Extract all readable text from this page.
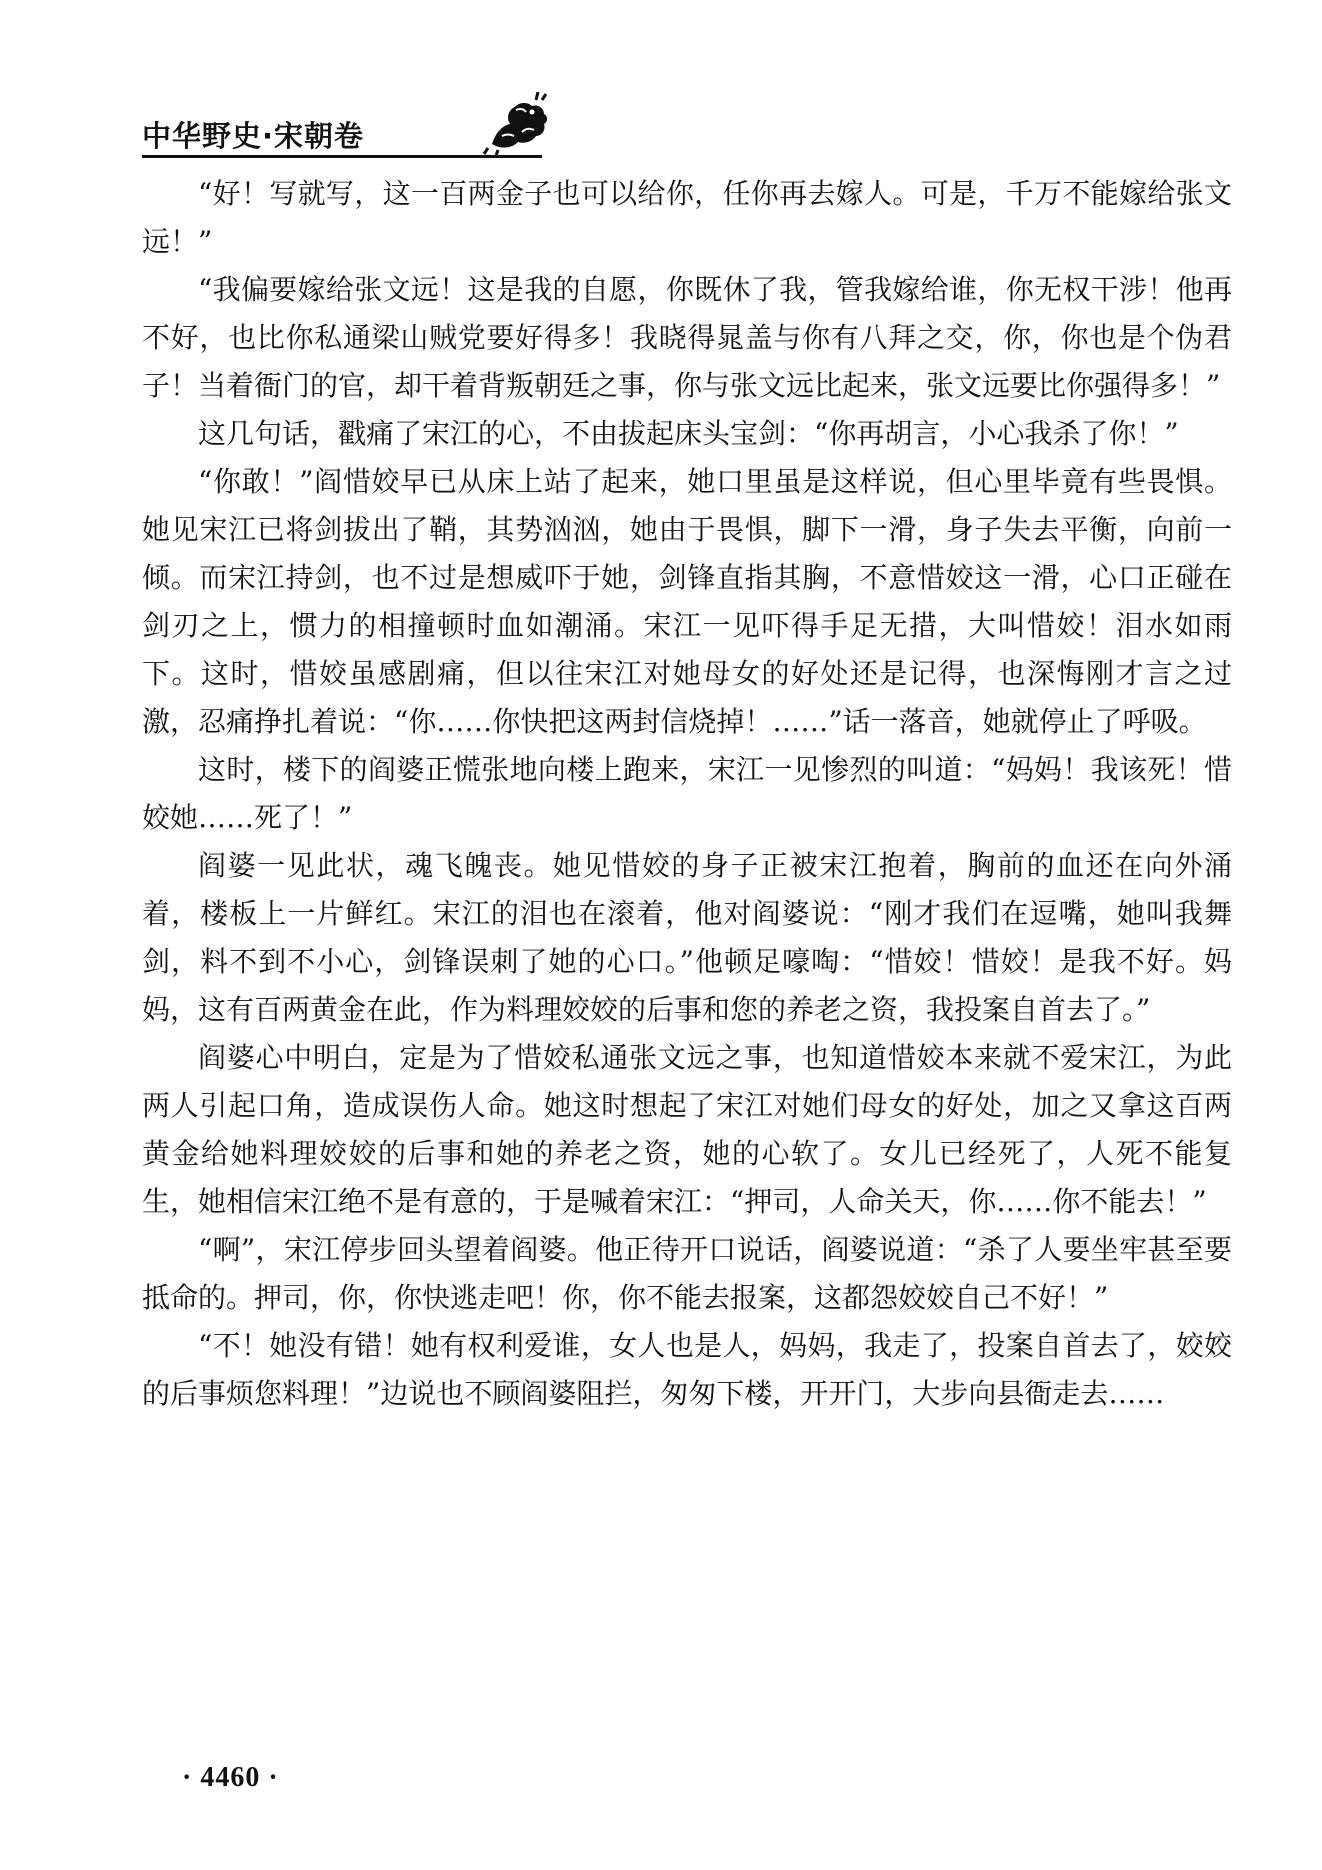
中华野史·宋朝卷

“好！写就写，这一百两金子也可以给你，任你再去嫁人。可是，千万不能嫁给张文远！”

“我偏要嫁给张文远！这是我的自愿，你既休了我，管我嫁给谁，你无权干涉！他再不好，也比你私通梁山贼党要好得多！我晓得晁盖与你有八拜之交，你，你也是个伪君子！当着衙门的官，却干着背叛朝廷之事，你与张文远比起来，张文远要比你强得多！”

这几句话，戳痛了宋江的心，不由拔起床头宝剑：“你再胡言，小心我杀了你！”

“你敢！”阎惜姣早已从床上站了起来，她口里虽是这样说，但心里毕竟有些畏惧。她见宋江已将剑拔出了鞘，其势汹汹，她由于畏惧，脚下一滑，身子失去平衡，向前一倾。而宋江持剑，也不过是想威吓于她，剑锋直指其胸，不意惜姣这一滑，心口正碰在剑刃之上，惯力的相撞顿时血如潮涌。宋江一见吓得手足无措，大叫惜姣！泪水如雨下。这时，惜姣虽感剧痛，但以往宋江对她母女的好处还是记得，也深悔刚才言之过激，忍痛挣扎着说：“你……你快把这两封信烧掉！……”话一落音，她就停止了呼吸。

这时，楼下的阎婆正慌张地向楼上跑来，宋江一见惨烈的叫道：“妈妈！我该死！惜姣她……死了！”

阎婆一见此状，魂飞魄丧。她见惜姣的身子正被宋江抱着，胸前的血还在向外涌着，楼板上一片鲜红。宋江的泪也在滚着，他对阎婆说：“刚才我们在逗嘴，她叫我舞剑，料不到不小心，剑锋误刺了她的心口。”他顿足嚎啕：“惜姣！惜姣！是我不好。妈妈，这有百两黄金在此，作为料理姣姣的后事和您的养老之资，我投案自首去了。”

阎婆心中明白，定是为了惜姣私通张文远之事，也知道惜姣本来就不爱宋江，为此两人引起口角，造成误伤人命。她这时想起了宋江对她们母女的好处，加之又拿这百两黄金给她料理姣姣的后事和她的养老之资，她的心软了。女儿已经死了，人死不能复生，她相信宋江绝不是有意的，于是喊着宋江：“押司，人命关天，你……你不能去！”

“啊”，宋江停步回头望着阎婆。他正待开口说话，阎婆说道：“杀了人要坐牢甚至要抵命的。押司，你，你快逃走吧！你，你不能去报案，这都怨姣姣自己不好！”

“不！她没有错！她有权利爱谁，女人也是人，妈妈，我走了，投案自首去了，姣姣的后事烦您料理！”边说也不顾阎婆阻拦，匆匆下楼，开开门，大步向县衙走去……

· 4460 ·
